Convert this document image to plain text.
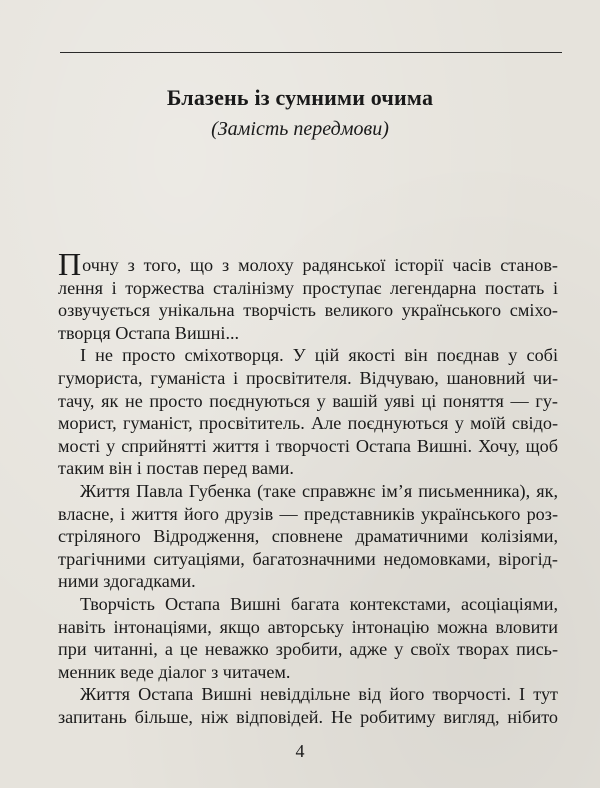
Блазень із сумними очима
(Замість передмови)
Почну з того, що з молоху радянської історії часів станов-
лення і торжества сталінізму проступає легендарна постать і
озвучується унікальна творчість великого українського сміхо-
творця Остапа Вишні...
І не просто сміхотворця. У цій якості він поєднав у собі
гумориста, гуманіста і просвітителя. Відчуваю, шановний чи-
тачу, як не просто поєднуються у вашій уяві ці поняття — гу-
морист, гуманіст, просвітитель. Але поєднуються у моїй свідо-
мості у сприйнятті життя і творчості Остапа Вишні. Хочу, щоб
таким він і постав перед вами.
Життя Павла Губенка (таке справжнє ім’я письменника), як,
власне, і життя його друзів — представників українського роз-
стріляного Відродження, сповнене драматичними колізіями,
трагічними ситуаціями, багатозначними недомовками, вірогід-
ними здогадками.
Творчість Остапа Вишні багата контекстами, асоціаціями,
навіть інтонаціями, якщо авторську інтонацію можна вловити
при читанні, а це неважко зробити, адже у своїх творах пись-
менник веде діалог з читачем.
Життя Остапа Вишні невіддільне від його творчості. І тут
запитань більше, ніж відповідей. Не робитиму вигляд, нібито
4
